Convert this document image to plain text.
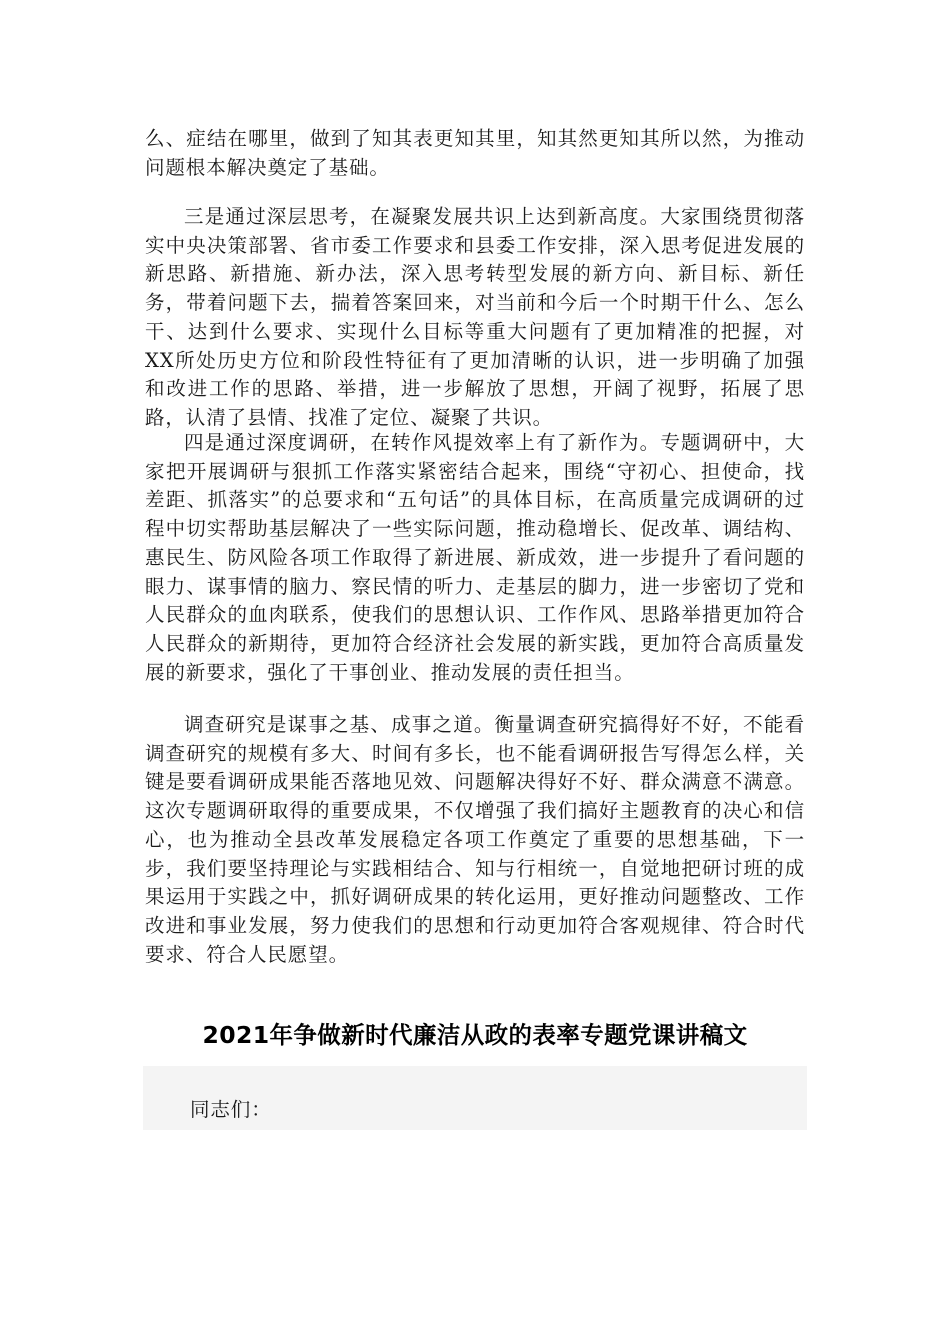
么、症结在哪里，做到了知其表更知其里，知其然更知其所以然，为推动问题根本解决奠定了基础。

三是通过深层思考，在凝聚发展共识上达到新高度。大家围绕贯彻落实中央决策部署、省市委工作要求和县委工作安排，深入思考促进发展的新思路、新措施、新办法，深入思考转型发展的新方向、新目标、新任务，带着问题下去，揣着答案回来，对当前和今后一个时期干什么、怎么干、达到什么要求、实现什么目标等重大问题有了更加精准的把握，对XX所处历史方位和阶段性特征有了更加清晰的认识，进一步明确了加强和改进工作的思路、举措，进一步解放了思想，开阔了视野，拓展了思路，认清了县情、找准了定位、凝聚了共识。

四是通过深度调研，在转作风提效率上有了新作为。专题调研中，大家把开展调研与狠抓工作落实紧密结合起来，围绕“守初心、担使命，找差距、抓落实”的总要求和“五句话”的具体目标，在高质量完成调研的过程中切实帮助基层解决了一些实际问题，推动稳增长、促改革、调结构、惠民生、防风险各项工作取得了新进展、新成效，进一步提升了看问题的眼力、谋事情的脑力、察民情的听力、走基层的脚力，进一步密切了党和人民群众的血肉联系，使我们的思想认识、工作作风、思路举措更加符合人民群众的新期待，更加符合经济社会发展的新实践，更加符合高质量发展的新要求，强化了干事创业、推动发展的责任担当。

调查研究是谋事之基、成事之道。衡量调查研究搞得好不好，不能看调查研究的规模有多大、时间有多长，也不能看调研报告写得怎么样，关键是要看调研成果能否落地见效、问题解决得好不好、群众满意不满意。这次专题调研取得的重要成果，不仅增强了我们搞好主题教育的决心和信心，也为推动全县改革发展稳定各项工作奠定了重要的思想基础，下一步，我们要坚持理论与实践相结合、知与行相统一，自觉地把研讨班的成果运用于实践之中，抓好调研成果的转化运用，更好推动问题整改、工作改进和事业发展，努力使我们的思想和行动更加符合客观规律、符合时代要求、符合人民愿望。

2021年争做新时代廉洁从政的表率专题党课讲稿文

同志们：
